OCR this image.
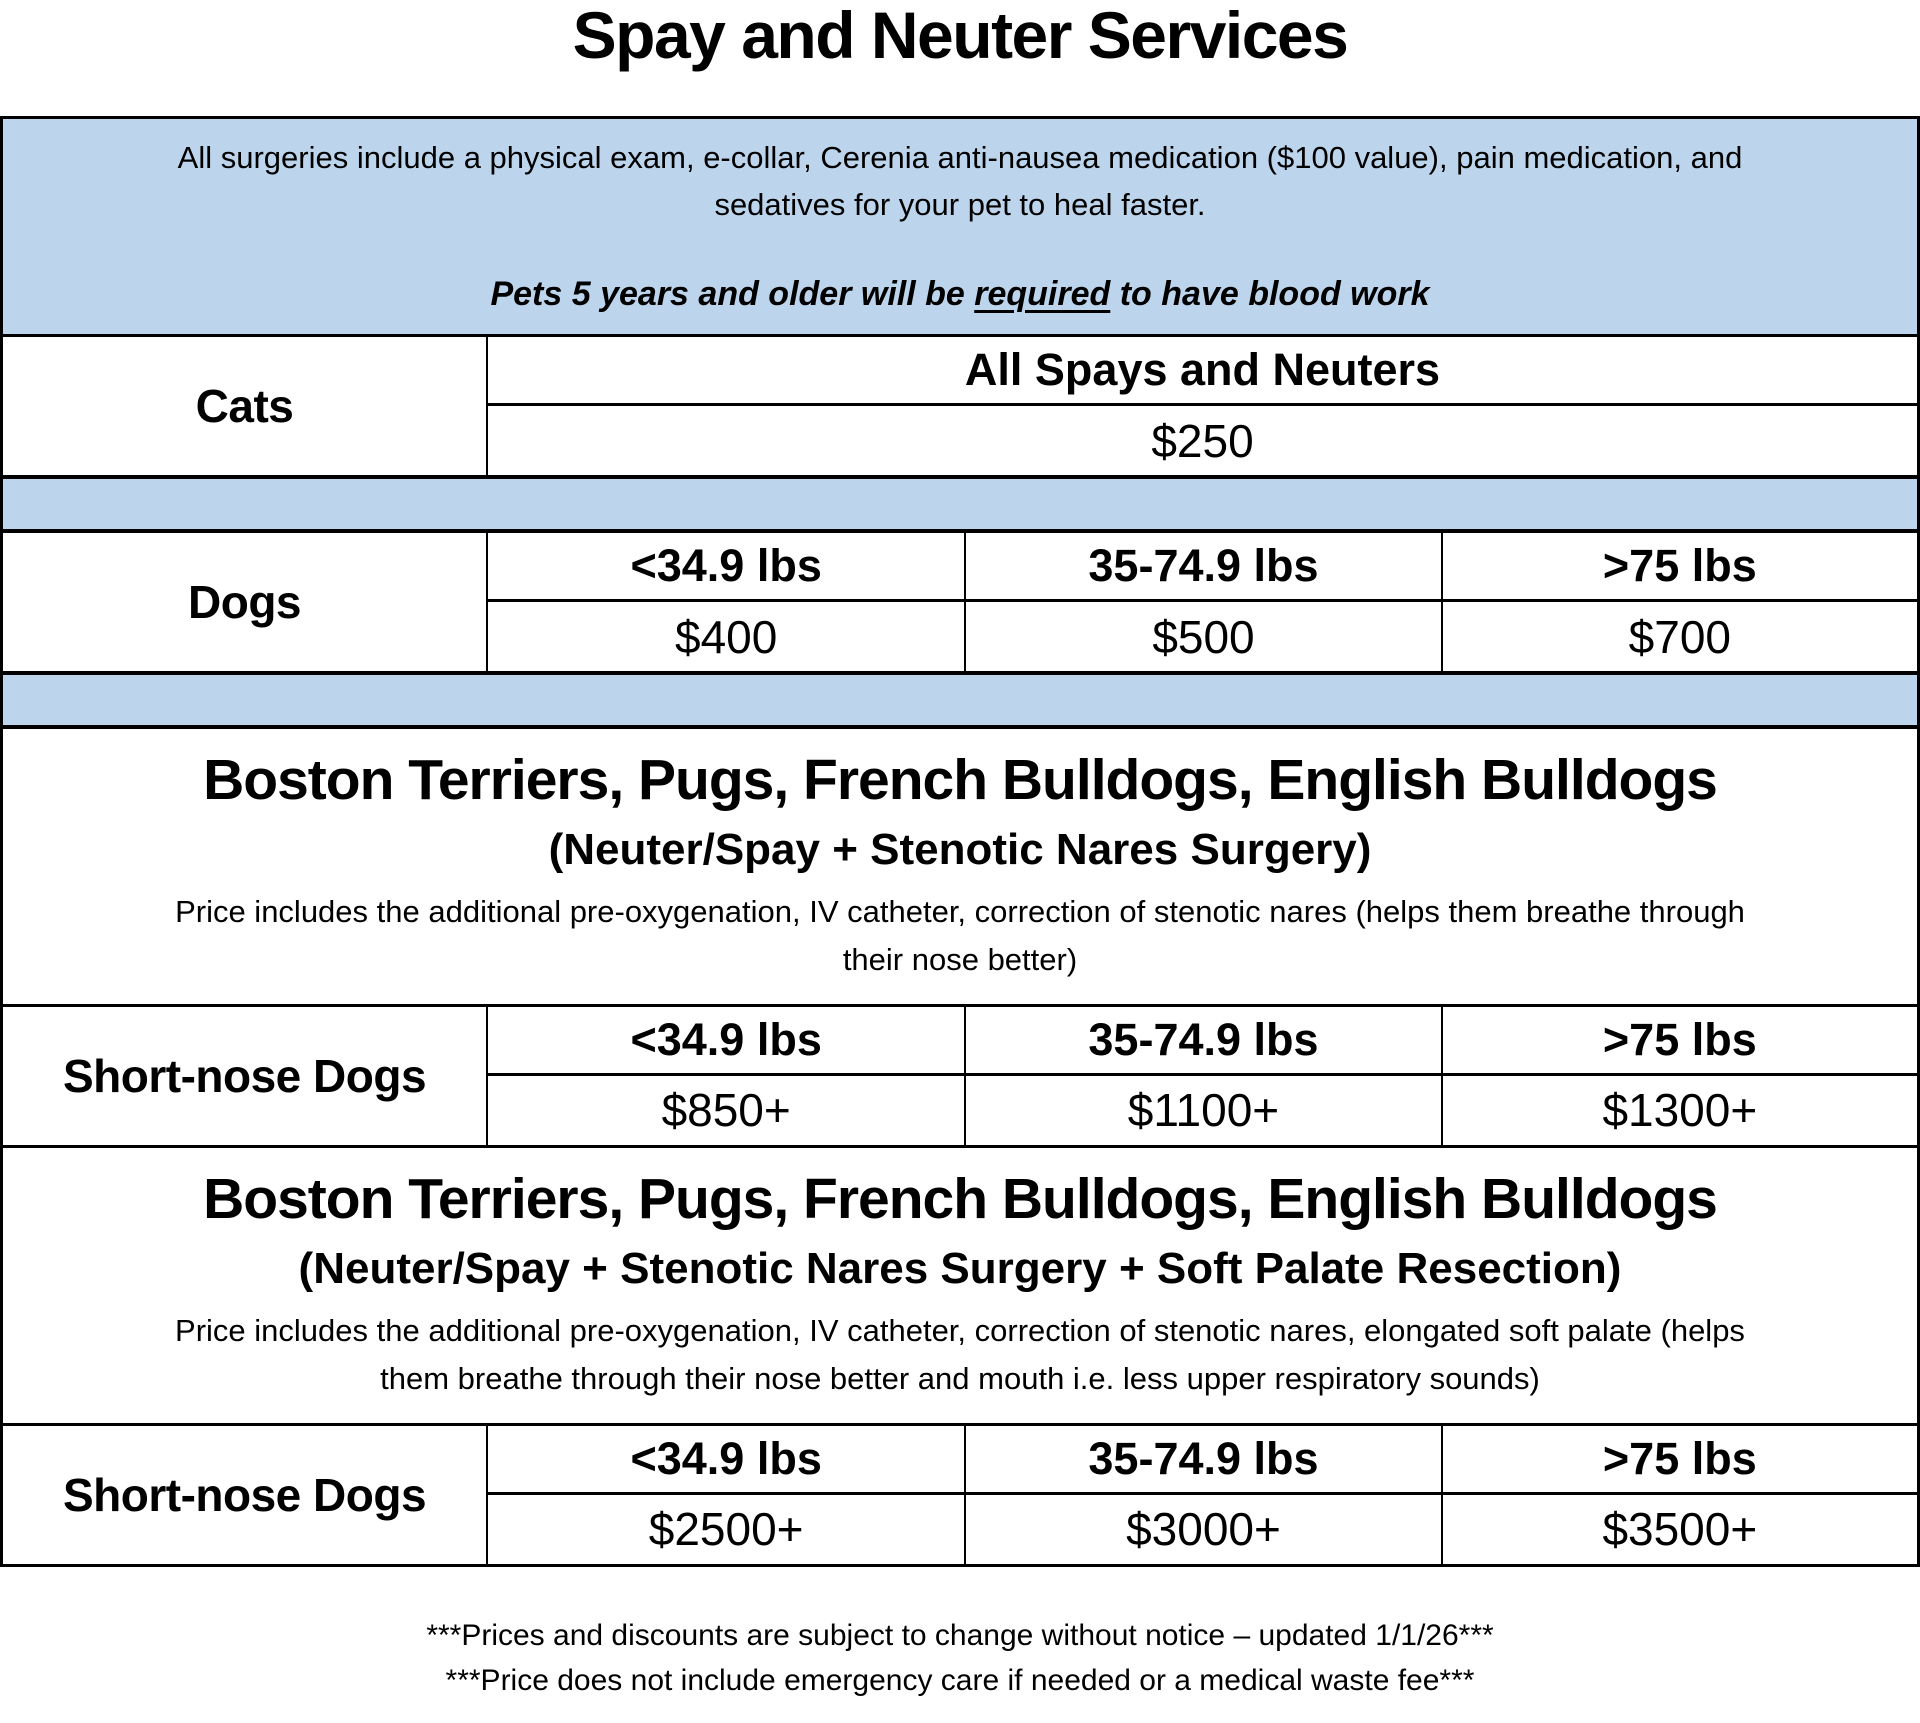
Spay and Neuter Services
All surgeries include a physical exam, e-collar, Cerenia anti-nausea medication ($100 value), pain medication, and sedatives for your pet to heal faster.
Pets 5 years and older will be required to have blood work
Cats
All Spays and Neuters
$250
Dogs
<34.9 lbs	35-74.9 lbs	>75 lbs
$400	$500	$700
Boston Terriers, Pugs, French Bulldogs, English Bulldogs
(Neuter/Spay + Stenotic Nares Surgery)
Price includes the additional pre-oxygenation, IV catheter, correction of stenotic nares (helps them breathe through their nose better)
Short-nose Dogs
<34.9 lbs	35-74.9 lbs	>75 lbs
$850+	$1100+	$1300+
Boston Terriers, Pugs, French Bulldogs, English Bulldogs
(Neuter/Spay + Stenotic Nares Surgery + Soft Palate Resection)
Price includes the additional pre-oxygenation, IV catheter, correction of stenotic nares, elongated soft palate (helps them breathe through their nose better and mouth i.e. less upper respiratory sounds)
Short-nose Dogs
<34.9 lbs	35-74.9 lbs	>75 lbs
$2500+	$3000+	$3500+
***Prices and discounts are subject to change without notice – updated 1/1/26***
***Price does not include emergency care if needed or a medical waste fee***
